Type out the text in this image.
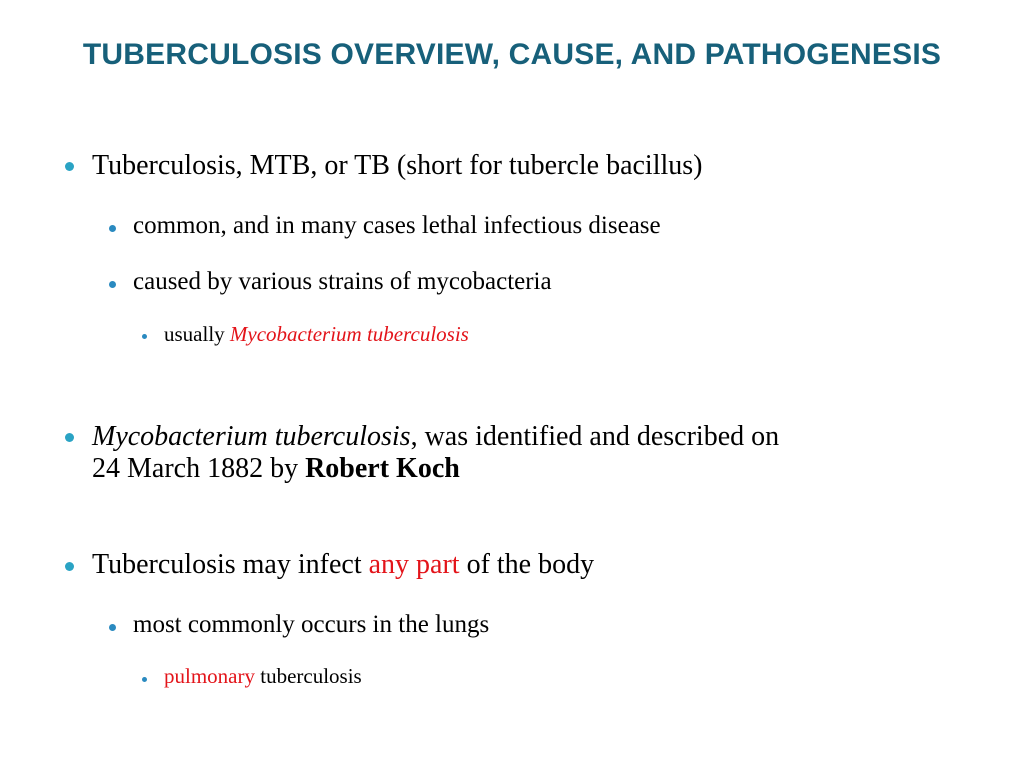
TUBERCULOSIS OVERVIEW, CAUSE, AND PATHOGENESIS
Tuberculosis, MTB, or TB (short for tubercle bacillus)
common, and in many cases lethal infectious disease
caused by various strains of mycobacteria
usually Mycobacterium tuberculosis
Mycobacterium tuberculosis, was identified and described on
24 March 1882 by Robert Koch
Tuberculosis may infect any part of the body
most commonly occurs in the lungs
pulmonary tuberculosis
